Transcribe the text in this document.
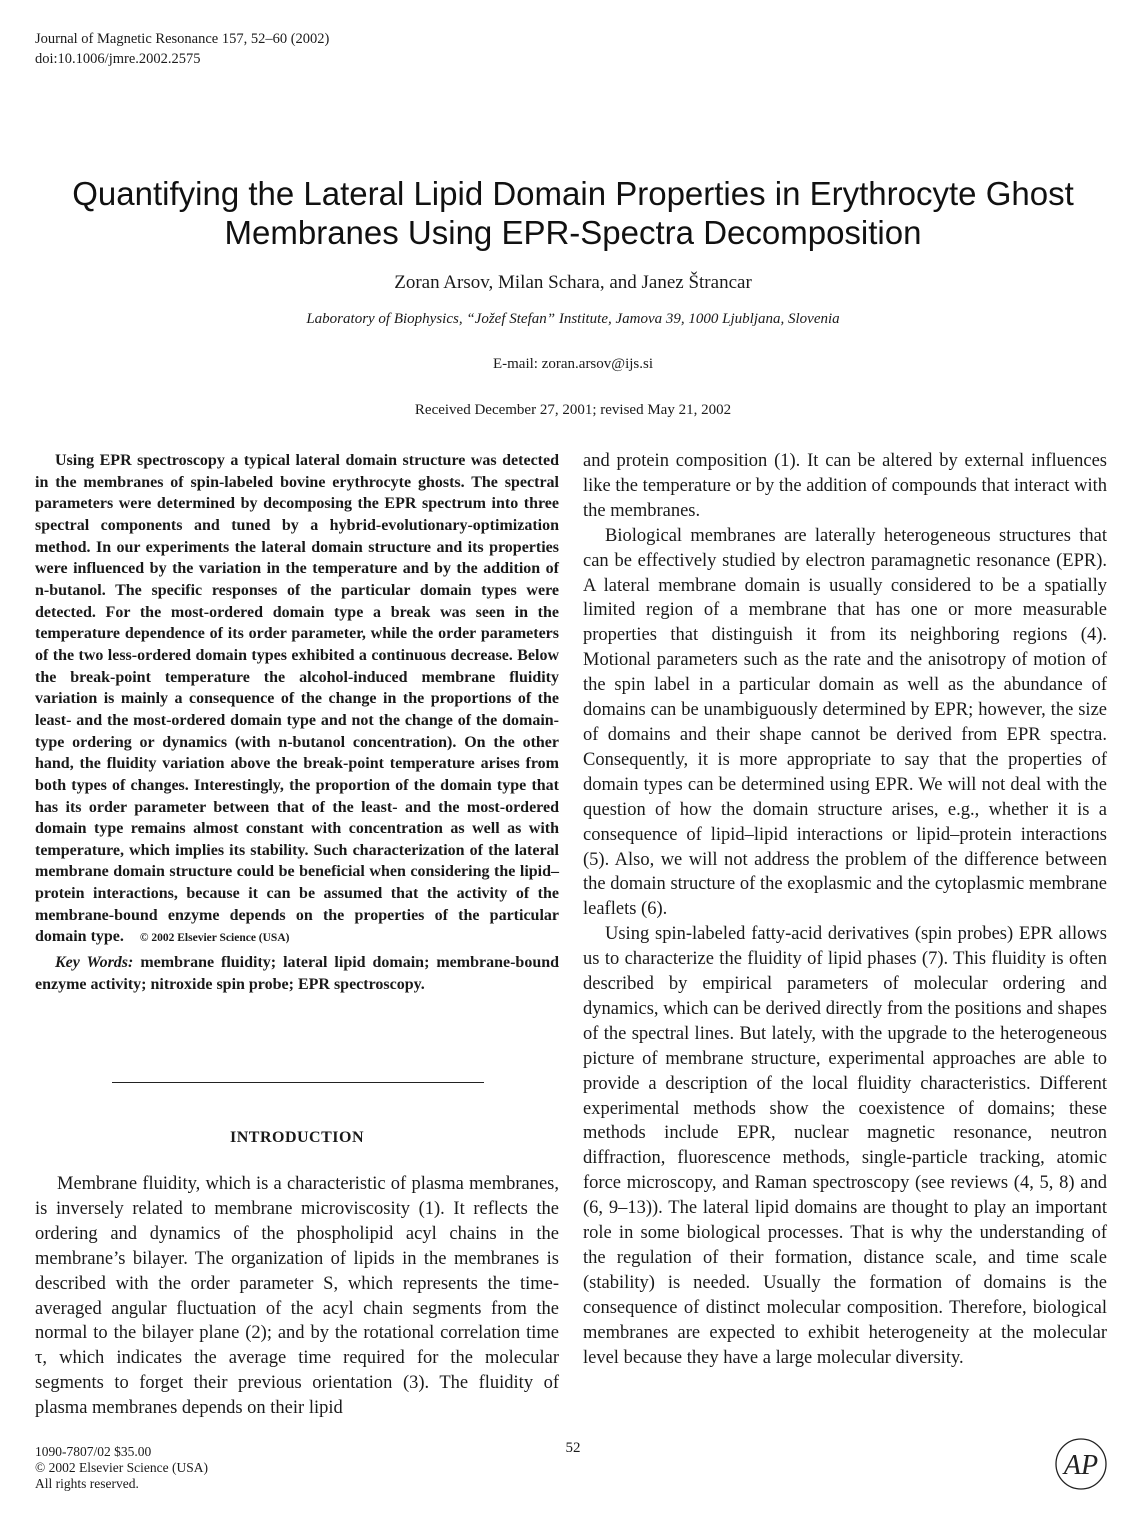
Journal of Magnetic Resonance 157, 52–60 (2002)
doi:10.1006/jmre.2002.2575
Quantifying the Lateral Lipid Domain Properties in Erythrocyte Ghost Membranes Using EPR-Spectra Decomposition
Zoran Arsov, Milan Schara, and Janez Štrancar
Laboratory of Biophysics, “Jožef Stefan” Institute, Jamova 39, 1000 Ljubljana, Slovenia
E-mail: zoran.arsov@ijs.si
Received December 27, 2001; revised May 21, 2002

Using EPR spectroscopy a typical lateral domain structure was detected in the membranes of spin-labeled bovine erythrocyte ghosts. The spectral parameters were determined by decomposing the EPR spectrum into three spectral components and tuned by a hybrid-evolutionary-optimization method. In our experiments the lateral domain structure and its properties were influenced by the variation in the temperature and by the addition of n-butanol. The specific responses of the particular domain types were detected. For the most-ordered domain type a break was seen in the temperature dependence of its order parameter, while the order parameters of the two less-ordered domain types exhibited a continuous decrease. Below the break-point temperature the alcohol-induced membrane fluidity variation is mainly a consequence of the change in the proportions of the least- and the most-ordered domain type and not the change of the domain-type ordering or dynamics (with n-butanol concentration). On the other hand, the fluidity variation above the break-point temperature arises from both types of changes. Interestingly, the proportion of the domain type that has its order parameter between that of the least- and the most-ordered domain type remains almost constant with concentration as well as with temperature, which implies its stability. Such characterization of the lateral membrane domain structure could be beneficial when considering the lipid–protein interactions, because it can be assumed that the activity of the membrane-bound enzyme depends on the properties of the particular domain type. © 2002 Elsevier Science (USA)

Key Words: membrane fluidity; lateral lipid domain; membrane-bound enzyme activity; nitroxide spin probe; EPR spectroscopy.
INTRODUCTION

Membrane fluidity, which is a characteristic of plasma membranes, is inversely related to membrane microviscosity (1). It reflects the ordering and dynamics of the phospholipid acyl chains in the membrane’s bilayer. The organization of lipids in the membranes is described with the order parameter S, which represents the time-averaged angular fluctuation of the acyl chain segments from the normal to the bilayer plane (2); and by the rotational correlation time τ, which indicates the average time required for the molecular segments to forget their previous orientation (3). The fluidity of plasma membranes depends on their lipid

and protein composition (1). It can be altered by external influences like the temperature or by the addition of compounds that interact with the membranes.

Biological membranes are laterally heterogeneous structures that can be effectively studied by electron paramagnetic resonance (EPR). A lateral membrane domain is usually considered to be a spatially limited region of a membrane that has one or more measurable properties that distinguish it from its neighboring regions (4). Motional parameters such as the rate and the anisotropy of motion of the spin label in a particular domain as well as the abundance of domains can be unambiguously determined by EPR; however, the size of domains and their shape cannot be derived from EPR spectra. Consequently, it is more appropriate to say that the properties of domain types can be determined using EPR. We will not deal with the question of how the domain structure arises, e.g., whether it is a consequence of lipid–lipid interactions or lipid–protein interactions (5). Also, we will not address the problem of the difference between the domain structure of the exoplasmic and the cytoplasmic membrane leaflets (6).

Using spin-labeled fatty-acid derivatives (spin probes) EPR allows us to characterize the fluidity of lipid phases (7). This fluidity is often described by empirical parameters of molecular ordering and dynamics, which can be derived directly from the positions and shapes of the spectral lines. But lately, with the upgrade to the heterogeneous picture of membrane structure, experimental approaches are able to provide a description of the local fluidity characteristics. Different experimental methods show the coexistence of domains; these methods include EPR, nuclear magnetic resonance, neutron diffraction, fluorescence methods, single-particle tracking, atomic force microscopy, and Raman spectroscopy (see reviews (4, 5, 8) and (6, 9–13)). The lateral lipid domains are thought to play an important role in some biological processes. That is why the understanding of the regulation of their formation, distance scale, and time scale (stability) is needed. Usually the formation of domains is the consequence of distinct molecular composition. Therefore, biological membranes are expected to exhibit heterogeneity at the molecular level because they have a large molecular diversity.

52
1090-7807/02 $35.00
© 2002 Elsevier Science (USA)
All rights reserved.
AP
